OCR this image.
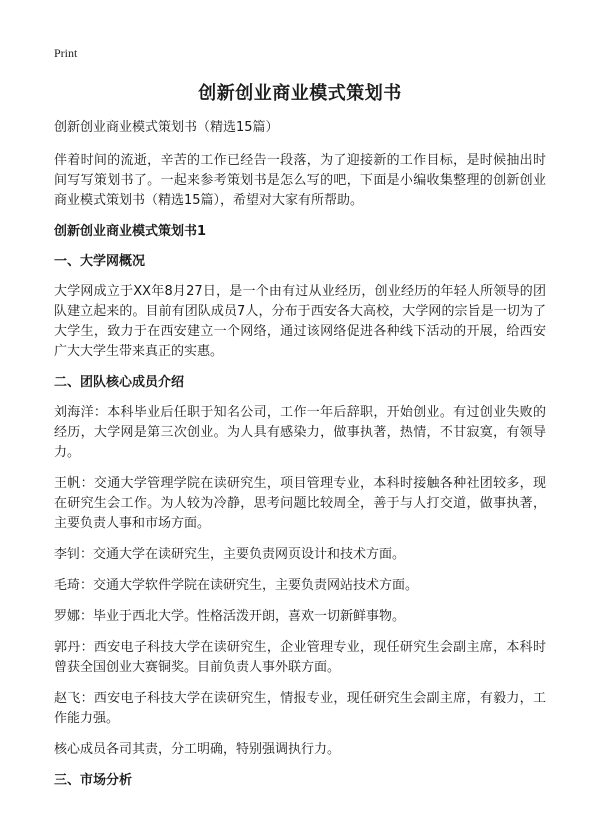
Print
创新创业商业模式策划书

创新创业商业模式策划书（精选15篇）

伴着时间的流逝，辛苦的工作已经告一段落，为了迎接新的工作目标，是时候抽出时间写写策划书了。一起来参考策划书是怎么写的吧，下面是小编收集整理的创新创业商业模式策划书（精选15篇），希望对大家有所帮助。

创新创业商业模式策划书1

一、大学网概况

大学网成立于XX年8月27日，是一个由有过从业经历，创业经历的年轻人所领导的团队建立起来的。目前有团队成员7人，分布于西安各大高校，大学网的宗旨是一切为了大学生，致力于在西安建立一个网络，通过该网络促进各种线下活动的开展，给西安广大大学生带来真正的实惠。

二、团队核心成员介绍

刘海洋：本科毕业后任职于知名公司，工作一年后辞职，开始创业。有过创业失败的经历，大学网是第三次创业。为人具有感染力，做事执著，热情，不甘寂寞，有领导力。

王帆：交通大学管理学院在读研究生，项目管理专业，本科时接触各种社团较多，现在研究生会工作。为人较为冷静，思考问题比较周全，善于与人打交道，做事执著，主要负责人事和市场方面。

李钊：交通大学在读研究生，主要负责网页设计和技术方面。

毛琦：交通大学软件学院在读研究生，主要负责网站技术方面。

罗娜：毕业于西北大学。性格活泼开朗，喜欢一切新鲜事物。

郭丹：西安电子科技大学在读研究生，企业管理专业，现任研究生会副主席，本科时曾获全国创业大赛铜奖。目前负责人事外联方面。

赵飞：西安电子科技大学在读研究生，情报专业，现任研究生会副主席，有毅力，工作能力强。

核心成员各司其责，分工明确，特别强调执行力。

三、市场分析
